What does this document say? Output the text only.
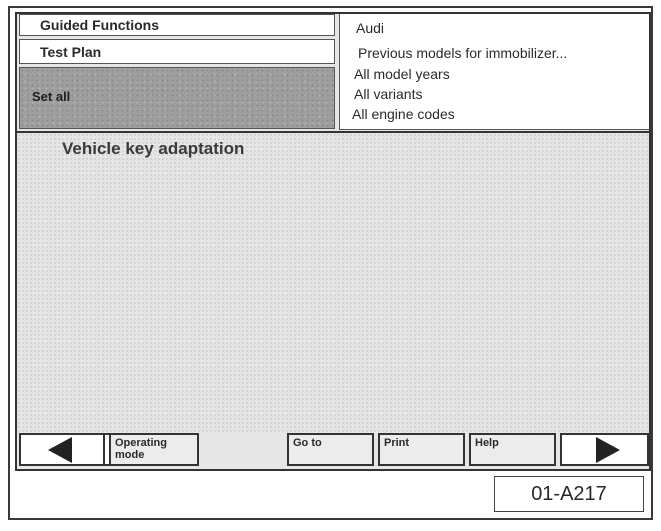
Guided Functions
Test Plan
Set all
Audi
Previous models for immobilizer...
All model years
All variants
All engine codes
Vehicle key adaptation
Operating mode
Go to	Print	Help
01-A217
